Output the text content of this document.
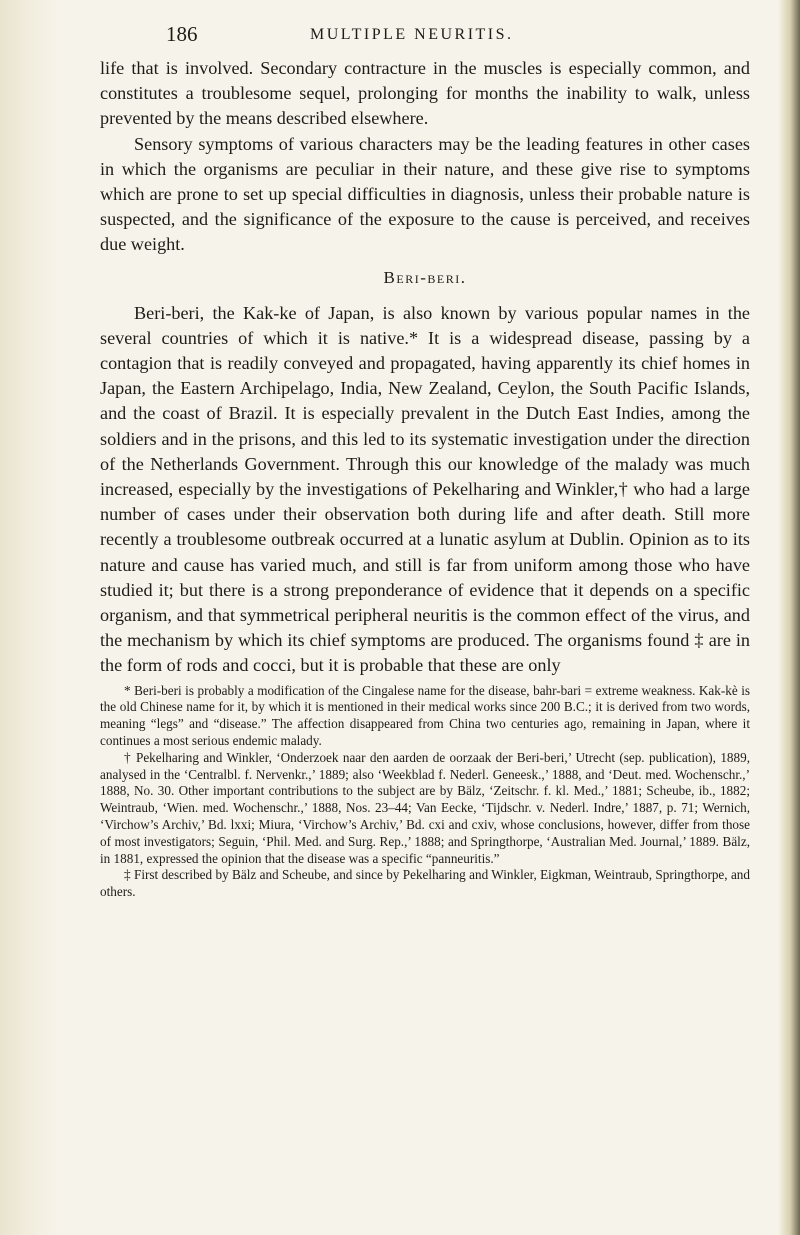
186	MULTIPLE NEURITIS.

life that is involved. Secondary contracture in the muscles is especially common, and constitutes a troublesome sequel, prolonging for months the inability to walk, unless prevented by the means described elsewhere.

Sensory symptoms of various characters may be the leading features in other cases in which the organisms are peculiar in their nature, and these give rise to symptoms which are prone to set up special difficulties in diagnosis, unless their probable nature is suspected, and the significance of the exposure to the cause is perceived, and receives due weight.

Beri-beri.

Beri-beri, the Kak-ke of Japan, is also known by various popular names in the several countries of which it is native.* It is a widespread disease, passing by a contagion that is readily conveyed and propagated, having apparently its chief homes in Japan, the Eastern Archipelago, India, New Zealand, Ceylon, the South Pacific Islands, and the coast of Brazil. It is especially prevalent in the Dutch East Indies, among the soldiers and in the prisons, and this led to its systematic investigation under the direction of the Netherlands Government. Through this our knowledge of the malady was much increased, especially by the investigations of Pekelharing and Winkler,† who had a large number of cases under their observation both during life and after death. Still more recently a troublesome outbreak occurred at a lunatic asylum at Dublin. Opinion as to its nature and cause has varied much, and still is far from uniform among those who have studied it; but there is a strong preponderance of evidence that it depends on a specific organism, and that symmetrical peripheral neuritis is the common effect of the virus, and the mechanism by which its chief symptoms are produced. The organisms found ‡ are in the form of rods and cocci, but it is probable that these are only

* Beri-beri is probably a modification of the Cingalese name for the disease, bahr-bari = extreme weakness. Kak-kè is the old Chinese name for it, by which it is mentioned in their medical works since 200 B.C.; it is derived from two words, meaning “legs” and “disease.” The affection disappeared from China two centuries ago, remaining in Japan, where it continues a most serious endemic malady.

† Pekelharing and Winkler, ‘Onderzoek naar den aarden de oorzaak der Beri-beri,’ Utrecht (sep. publication), 1889, analysed in the ‘Centralbl. f. Nervenkr.,’ 1889; also ‘Weekblad f. Nederl. Geneesk.,’ 1888, and ‘Deut. med. Wochenschr.,’ 1888, No. 30. Other important contributions to the subject are by Bälz, ‘Zeitschr. f. kl. Med.,’ 1881; Scheube, ib., 1882; Weintraub, ‘Wien. med. Wochenschr.,’ 1888, Nos. 23–44; Van Eecke, ‘Tijdschr. v. Nederl. Indre,’ 1887, p. 71; Wernich, ‘Virchow’s Archiv,’ Bd. lxxi; Miura, ‘Virchow’s Archiv,’ Bd. cxi and cxiv, whose conclusions, however, differ from those of most investigators; Seguin, ‘Phil. Med. and Surg. Rep.,’ 1888; and Springthorpe, ‘Australian Med. Journal,’ 1889. Bälz, in 1881, expressed the opinion that the disease was a specific “panneuritis.”

‡ First described by Bälz and Scheube, and since by Pekelharing and Winkler, Eigkman, Weintraub, Springthorpe, and others.
